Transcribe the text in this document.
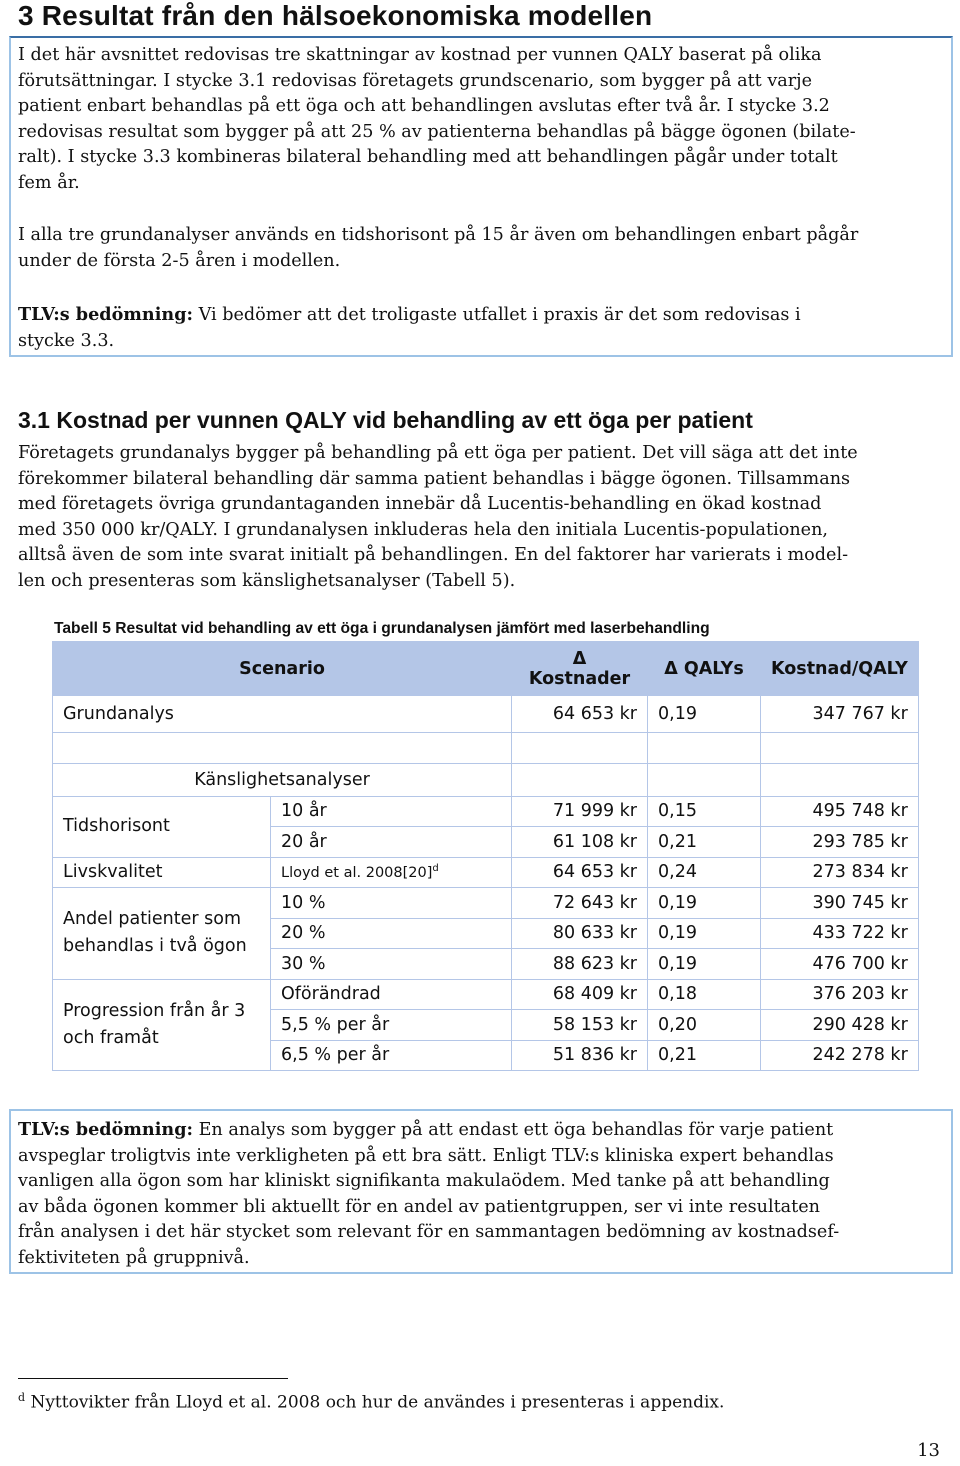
3 Resultat från den hälsoekonomiska modellen
I det här avsnittet redovisas tre skattningar av kostnad per vunnen QALY baserat på olika
förutsättningar. I stycke 3.1 redovisas företagets grundscenario, som bygger på att varje
patient enbart behandlas på ett öga och att behandlingen avslutas efter två år. I stycke 3.2
redovisas resultat som bygger på att 25 % av patienterna behandlas på bägge ögonen (bilate-
ralt). I stycke 3.3 kombineras bilateral behandling med att behandlingen pågår under totalt
fem år.
I alla tre grundanalyser används en tidshorisont på 15 år även om behandlingen enbart pågår
under de första 2-5 åren i modellen.
TLV:s bedömning: Vi bedömer att det troligaste utfallet i praxis är det som redovisas i
stycke 3.3.
3.1 Kostnad per vunnen QALY vid behandling av ett öga per patient
Företagets grundanalys bygger på behandling på ett öga per patient. Det vill säga att det inte
förekommer bilateral behandling där samma patient behandlas i bägge ögonen. Tillsammans
med företagets övriga grundantaganden innebär då Lucentis-behandling en ökad kostnad
med 350 000 kr/QALY. I grundanalysen inkluderas hela den initiala Lucentis-populationen,
alltså även de som inte svarat initialt på behandlingen. En del faktorer har varierats i model-
len och presenteras som känslighetsanalyser (Tabell 5).
Tabell 5 Resultat vid behandling av ett öga i grundanalysen jämfört med laserbehandling
Scenario		Δ Kostnader	Δ QALYs	Kostnad/QALY
Grundanalys		64 653 kr	0,19	347 767 kr

Känslighetsanalyser				
Tidshorisont	10 år	71 999 kr	0,15	495 748 kr
	20 år	61 108 kr	0,21	293 785 kr
Livskvalitet	Lloyd et al. $2008[20]^d$	64 653 kr	0,24	273 834 kr

Andel patienter som
behandlas i två ögon	10 %	72 643 kr	0,19	390 745 kr
	20 %	80 633 kr	0,19	433 722 kr
	30 %	88 623 kr	0,19	476 700 kr

Progression från år 3
och framåt	Oförändrad	68 409 kr	0,18	376 203 kr
	5,5 % per år	58 153 kr	0,20	290 428 kr
	6,5 % per år	51 836 kr	0,21	242 278 kr
TLV:s bedömning: En analys som bygger på att endast ett öga behandlas för varje patient
avspeglar troligtvis inte verkligheten på ett bra sätt. Enligt TLV:s kliniska expert behandlas
vanligen alla ögon som har kliniskt signifikanta makulaödem. Med tanke på att behandling
av båda ögonen kommer bli aktuellt för en andel av patientgruppen, ser vi inte resultaten
från analysen i det här stycket som relevant för en sammantagen bedömning av kostnadsef-
fektiviteten på gruppnivå.
$^d$ Nyttovikter från Lloyd et al. 2008 och hur de användes i presenteras i appendix.
13
